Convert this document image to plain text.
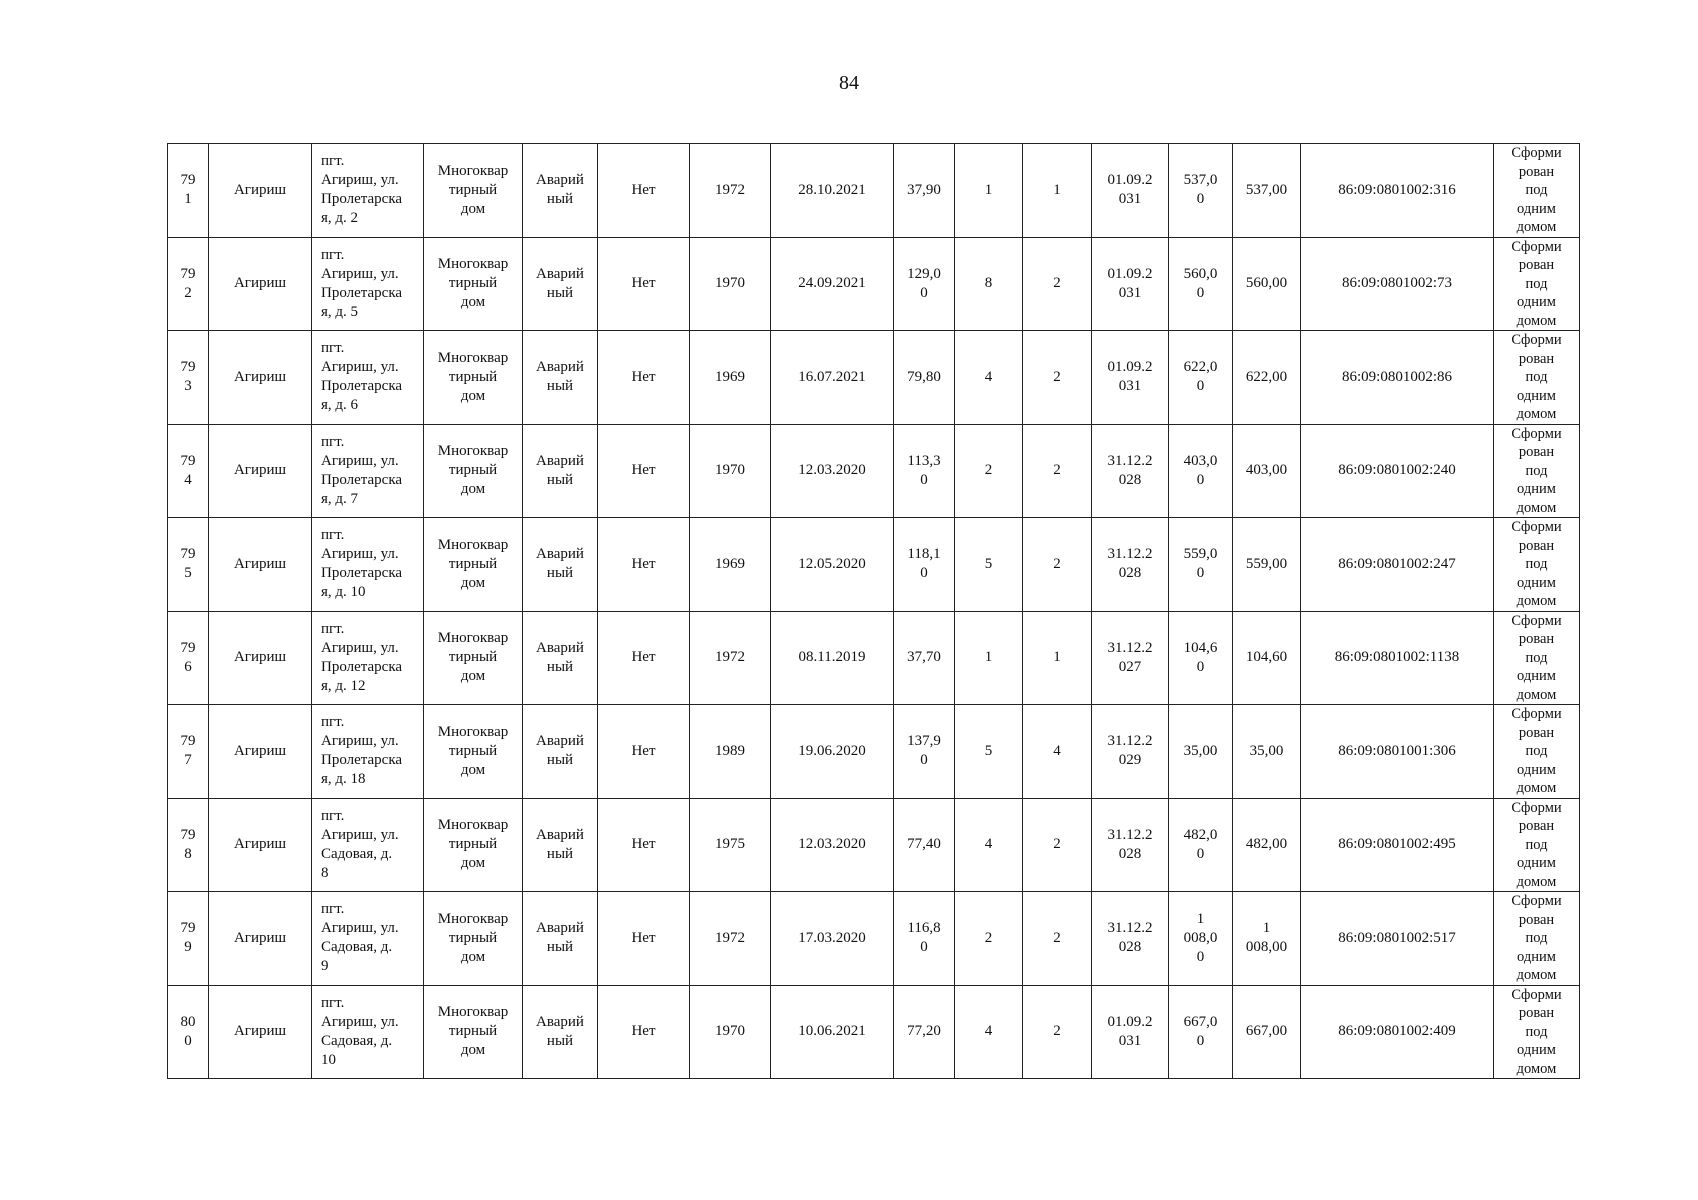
84
79
1	Агириш	пгт.
Агириш, ул.
Пролетарска
я, д. 2	Многоквар
тирный
дом	Аварий
ный	Нет	1972	28.10.2021	37,90	1	1	01.09.2
031	537,0
0	537,00	86:09:0801002:316	Сформи
рован
под
одним
домом
79
2	Агириш	пгт.
Агириш, ул.
Пролетарска
я, д. 5	Многоквар
тирный
дом	Аварий
ный	Нет	1970	24.09.2021	129,0
0	8	2	01.09.2
031	560,0
0	560,00	86:09:0801002:73	Сформи
рован
под
одним
домом
79
3	Агириш	пгт.
Агириш, ул.
Пролетарска
я, д. 6	Многоквар
тирный
дом	Аварий
ный	Нет	1969	16.07.2021	79,80	4	2	01.09.2
031	622,0
0	622,00	86:09:0801002:86	Сформи
рован
под
одним
домом
79
4	Агириш	пгт.
Агириш, ул.
Пролетарска
я, д. 7	Многоквар
тирный
дом	Аварий
ный	Нет	1970	12.03.2020	113,3
0	2	2	31.12.2
028	403,0
0	403,00	86:09:0801002:240	Сформи
рован
под
одним
домом
79
5	Агириш	пгт.
Агириш, ул.
Пролетарска
я, д. 10	Многоквар
тирный
дом	Аварий
ный	Нет	1969	12.05.2020	118,1
0	5	2	31.12.2
028	559,0
0	559,00	86:09:0801002:247	Сформи
рован
под
одним
домом
79
6	Агириш	пгт.
Агириш, ул.
Пролетарска
я, д. 12	Многоквар
тирный
дом	Аварий
ный	Нет	1972	08.11.2019	37,70	1	1	31.12.2
027	104,6
0	104,60	86:09:0801002:1138	Сформи
рован
под
одним
домом
79
7	Агириш	пгт.
Агириш, ул.
Пролетарска
я, д. 18	Многоквар
тирный
дом	Аварий
ный	Нет	1989	19.06.2020	137,9
0	5	4	31.12.2
029	35,00	35,00	86:09:0801001:306	Сформи
рован
под
одним
домом
79
8	Агириш	пгт.
Агириш, ул.
Садовая, д.
8	Многоквар
тирный
дом	Аварий
ный	Нет	1975	12.03.2020	77,40	4	2	31.12.2
028	482,0
0	482,00	86:09:0801002:495	Сформи
рован
под
одним
домом
79
9	Агириш	пгт.
Агириш, ул.
Садовая, д.
9	Многоквар
тирный
дом	Аварий
ный	Нет	1972	17.03.2020	116,8
0	2	2	31.12.2
028	1
008,0
0	1
008,00	86:09:0801002:517	Сформи
рован
под
одним
домом
80
0	Агириш	пгт.
Агириш, ул.
Садовая, д.
10	Многоквар
тирный
дом	Аварий
ный	Нет	1970	10.06.2021	77,20	4	2	01.09.2
031	667,0
0	667,00	86:09:0801002:409	Сформи
рован
под
одним
домом
